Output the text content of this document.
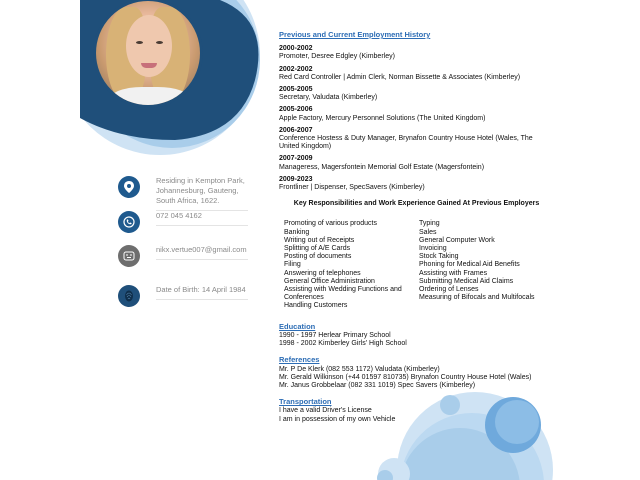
Residing in Kempton Park, Johannesburg, Gauteng, South Africa, 1622.
072 045 4162
nikx.vertue007@gmail.com
Date of Birth: 14 April 1984
Previous and Current Employment History
2000-2002
Promoter, Desree Edgley (Kimberley)
2002-2002
Red Card Controller | Admin Clerk, Norman Bissette & Associates (Kimberley)
2005-2005
Secretary, Valudata (Kimberley)
2005-2006
Apple Factory, Mercury Personnel Solutions (The United Kingdom)
2006-2007
Conference Hostess & Duty Manager, Brynafon Country House Hotel (Wales, The United Kingdom)
2007-2009
Manageress, Magersfontein Memorial Golf Estate (Magersfontein)
2009-2023
Frontliner | Dispenser, SpecSavers (Kimberley)
Key Responsibilities and Work Experience Gained At Previous Employers
Promoting of various products
Banking
Writing out of Receipts
Splitting of A/E Cards
Posting of documents
Filing
Answering of telephones
General Office Administration
Assisting with Wedding Functions and Conferences
Handling Customers
Typing
Sales
General Computer Work
Invoicing
Stock Taking
Phoning for Medical Aid Benefits
Assisting with Frames
Submitting Medical Aid Claims
Ordering of Lenses
Measuring of Bifocals and Multifocals
Education
1990 - 1997 Herlear Primary School
1998 - 2002 Kimberley Girls' High School
References
Mr. P De Klerk (082 553 1172) Valudata (Kimberley)
Mr. Gerald Wilkinson (+44 01597 810735) Brynafon Country House Hotel (Wales)
Mr. Janus Grobbelaar (082 331 1019) Spec Savers (Kimberley)
Transportation
I have a valid Driver's License
I am in possession of my own Vehicle
